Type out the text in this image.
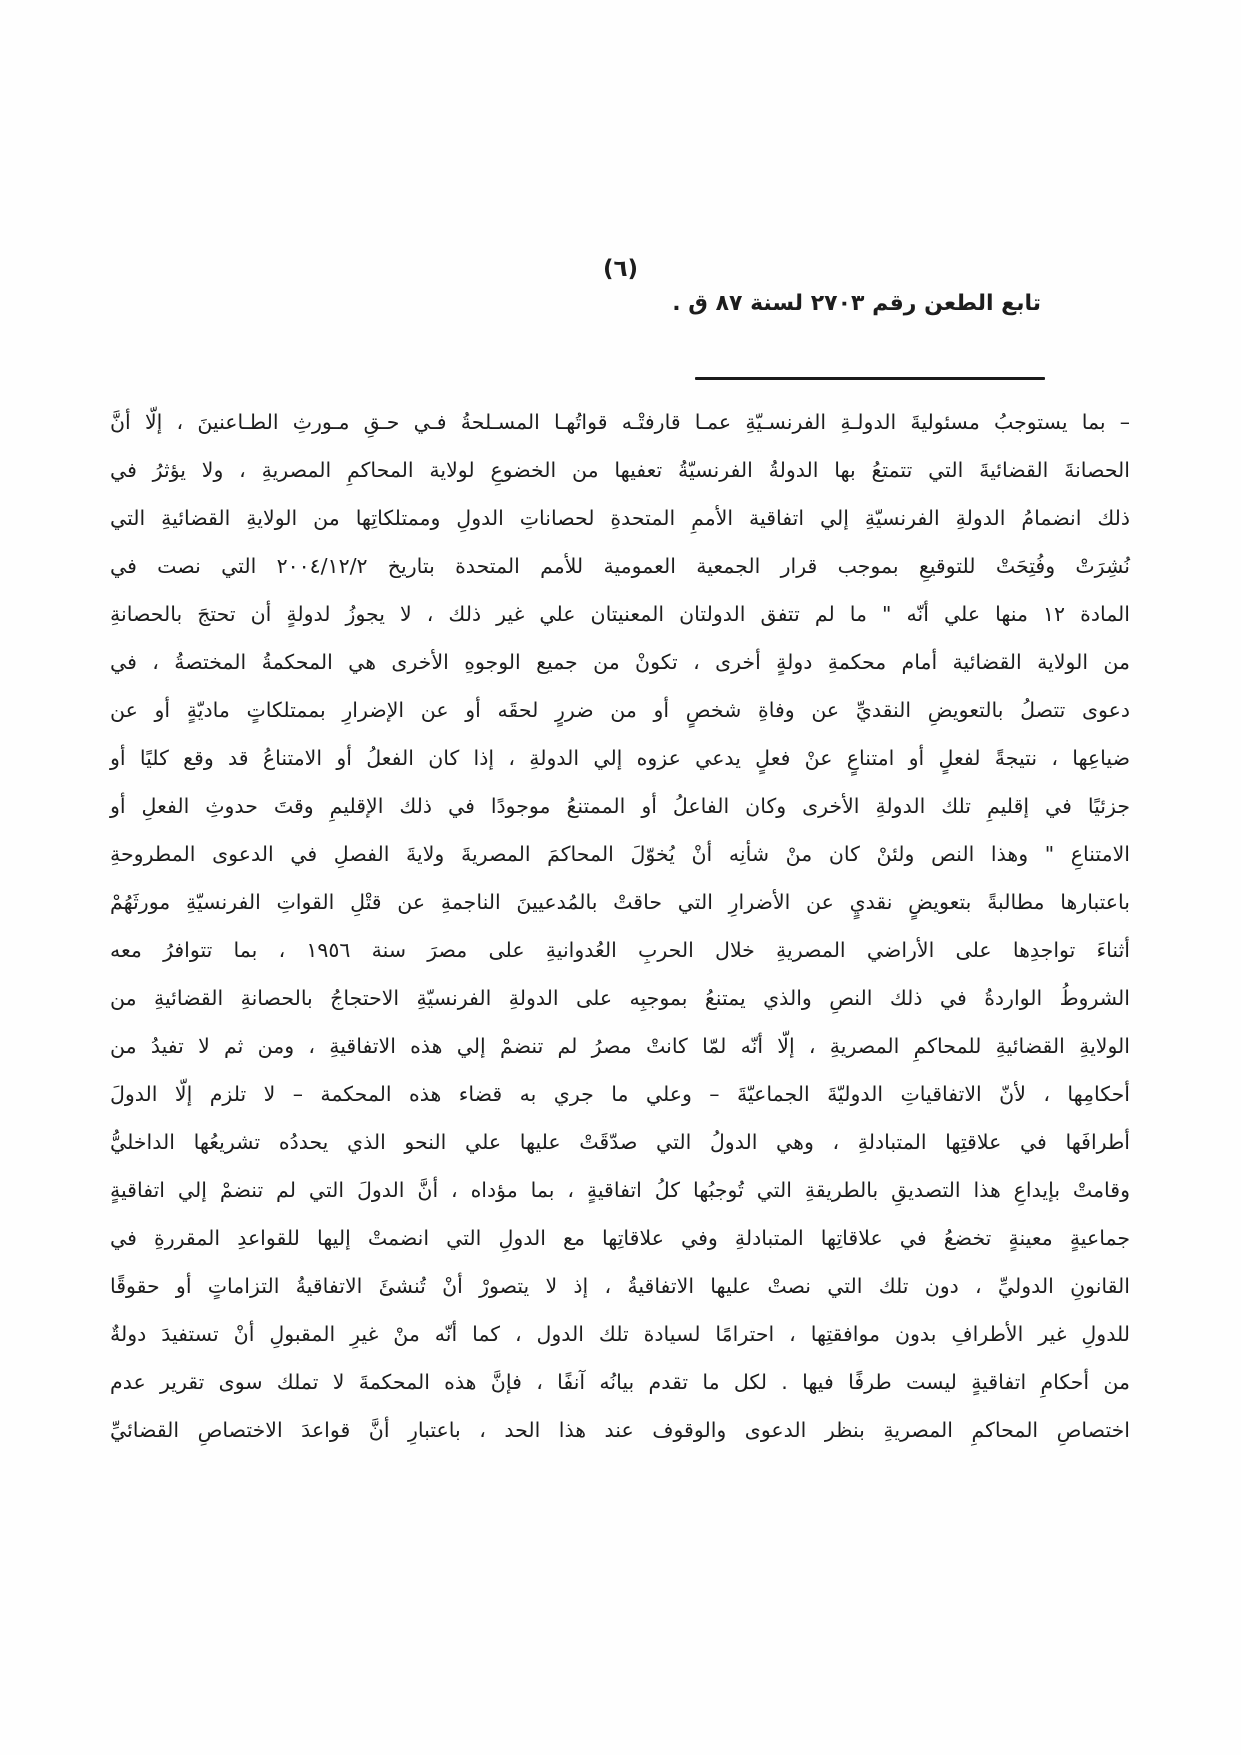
(٦)
تابع الطعن رقم ٢٧٠٣ لسنة ٨٧ ق .
– بما يستوجبُ مسئوليةَ الدولـةِ الفرنسـيّةِ عمـا قارفتْـه قواتُهـا المسـلحةُ فـي حـقِ مـورثِ الطـاعنينَ ، إلّا أنَّ
الحصانةَ القضائيةَ التي تتمتعُ بها الدولةُ الفرنسيّةُ تعفيها من الخضوعِ لولاية المحاكمِ المصريةِ ، ولا يؤثرُ في
ذلك انضمامُ الدولةِ الفرنسيّةِ إلي اتفاقية الأممِ المتحدةِ لحصاناتِ الدولِ وممتلكاتِها من الولايةِ القضائيةِ التي
نُشِرَتْ وفُتِحَتْ للتوقيعِ بموجب قرار الجمعية العمومية للأمم المتحدة بتاريخ ٢٠٠٤/١٢/٢ التي نصت في
المادة ١٢ منها علي أنّه " ما لم تتفق الدولتان المعنيتان علي غير ذلك ، لا يجوزُ لدولةٍ أن تحتجَ بالحصانةِ
من الولاية القضائية أمام محكمةِ دولةٍ أخرى ، تكونْ من جميع الوجوهِ الأخرى هي المحكمةُ المختصةُ ، في
دعوى تتصلُ بالتعويضِ النقديِّ عن وفاةِ شخصٍ أو من ضررٍ لحقَه أو عن الإضرارِ بممتلكاتٍ ماديّةٍ أو عن
ضياعِها ، نتيجةً لفعلٍ أو امتناعٍ عنْ فعلٍ يدعي عزوه إلي الدولةِ ، إذا كان الفعلُ أو الامتناعُ قد وقع كليًا أو
جزئيًا في إقليمِ تلك الدولةِ الأخرى وكان الفاعلُ أو الممتنعُ موجودًا في ذلك الإقليمِ وقتَ حدوثِ الفعلِ أو
الامتناعِ " وهذا النص ولئنْ كان منْ شأنِه أنْ يُخوّلَ المحاكمَ المصريةَ ولايةَ الفصلِ في الدعوى المطروحةِ
باعتبارها مطالبةً بتعويضٍ نقديٍ عن الأضرارِ التي حاقتْ بالمُدعيينَ الناجمةِ عن قتْلِ القواتِ الفرنسيّةِ مورثَهُمْ
أثناءَ تواجدِها على الأراضي المصريةِ خلال الحربِ العُدوانيةِ على مصرَ سنة ١٩٥٦ ، بما تتوافرُ معه
الشروطُ الواردةُ في ذلك النصِ والذي يمتنعُ بموجبِه على الدولةِ الفرنسيّةِ الاحتجاجُ بالحصانةِ القضائيةِ من
الولايةِ القضائيةِ للمحاكمِ المصريةِ ، إلّا أنّه لمّا كانتْ مصرُ لم تنضمْ إلي هذه الاتفاقيةِ ، ومن ثم لا تفيدُ من
أحكامِها ، لأنّ الاتفاقياتِ الدوليّةَ الجماعيّةَ – وعلي ما جري به قضاء هذه المحكمة – لا تلزم إلّا الدولَ
أطرافَها في علاقتِها المتبادلةِ ، وهي الدولُ التي صدّقَتْ عليها علي النحو الذي يحددُه تشريعُها الداخليُّ
وقامتْ بإيداعِ هذا التصديقِ بالطريقةِ التي تُوجبُها كلُ اتفاقيةٍ ، بما مؤداه ، أنَّ الدولَ التي لم تنضمْ إلي اتفاقيةٍ
جماعيةٍ معينةٍ تخضعُ في علاقاتِها المتبادلةِ وفي علاقاتِها مع الدولِ التي انضمتْ إليها للقواعدِ المقررةِ في
القانونِ الدوليِّ ، دون تلك التي نصتْ عليها الاتفاقيةُ ، إذ لا يتصورْ أنْ تُنشئَ الاتفاقيةُ التزاماتٍ أو حقوقًا
للدولِ غير الأطرافِ بدون موافقتِها ، احترامًا لسيادة تلك الدول ، كما أنّه منْ غيرِ المقبولِ أنْ تستفيدَ دولةٌ
من أحكامِ اتفاقيةٍ ليست طرفًا فيها . لكل ما تقدم بيانُه آنفًا ، فإنَّ هذه المحكمةَ لا تملك سوى تقرير عدم
اختصاصِ المحاكمِ المصريةِ بنظر الدعوى والوقوف عند هذا الحد ، باعتبارِ أنَّ قواعدَ الاختصاصِ القضائيِّ
